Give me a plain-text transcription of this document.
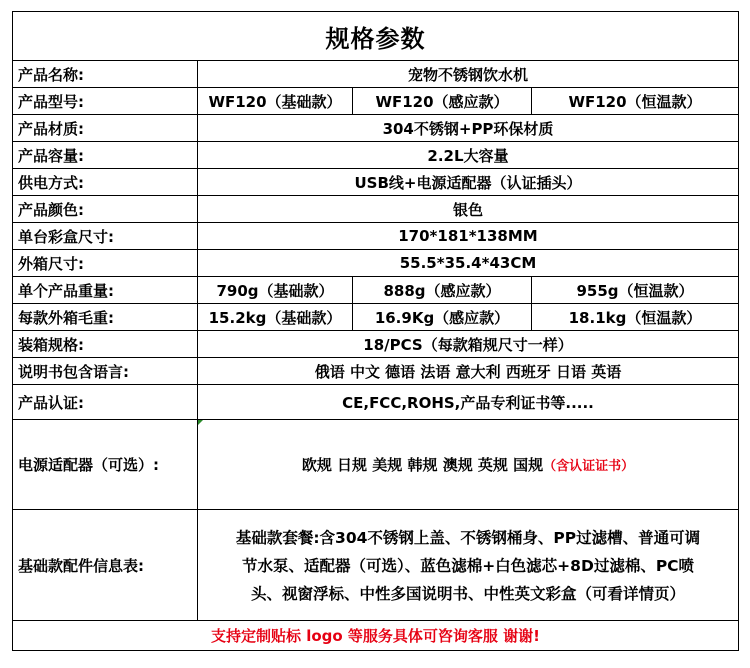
规格参数
产品名称:	宠物不锈钢饮水机
产品型号:	WF120（基础款）	WF120（感应款）	WF120（恒温款）
产品材质:	304不锈钢+PP环保材质
产品容量:	2.2L大容量
供电方式:	USB线+电源适配器（认证插头）
产品颜色:	银色
单台彩盒尺寸:	170*181*138MM
外箱尺寸:	55.5*35.4*43CM
单个产品重量:	790g（基础款）	888g（感应款）	955g（恒温款）
每款外箱毛重:	15.2kg（基础款）	16.9Kg（感应款）	18.1kg（恒温款）
装箱规格:	18/PCS（每款箱规尺寸一样）
说明书包含语言:	俄语 中文 德语 法语 意大利 西班牙 日语 英语
产品认证:	CE,FCC,ROHS,产品专利证书等.....
电源适配器（可选）:	欧规 日规 美规 韩规 澳规 英规 国规 （含认证证书）
基础款配件信息表:
基础款套餐:含304不锈钢上盖、不锈钢桶身、PP过滤槽、普通可调
节水泵、适配器（可选）、蓝色滤棉+白色滤芯+8D过滤棉、PC喷
头、视窗浮标、中性多国说明书、中性英文彩盒（可看详情页）
支持定制贴标 logo 等服务具体可咨询客服 谢谢!
